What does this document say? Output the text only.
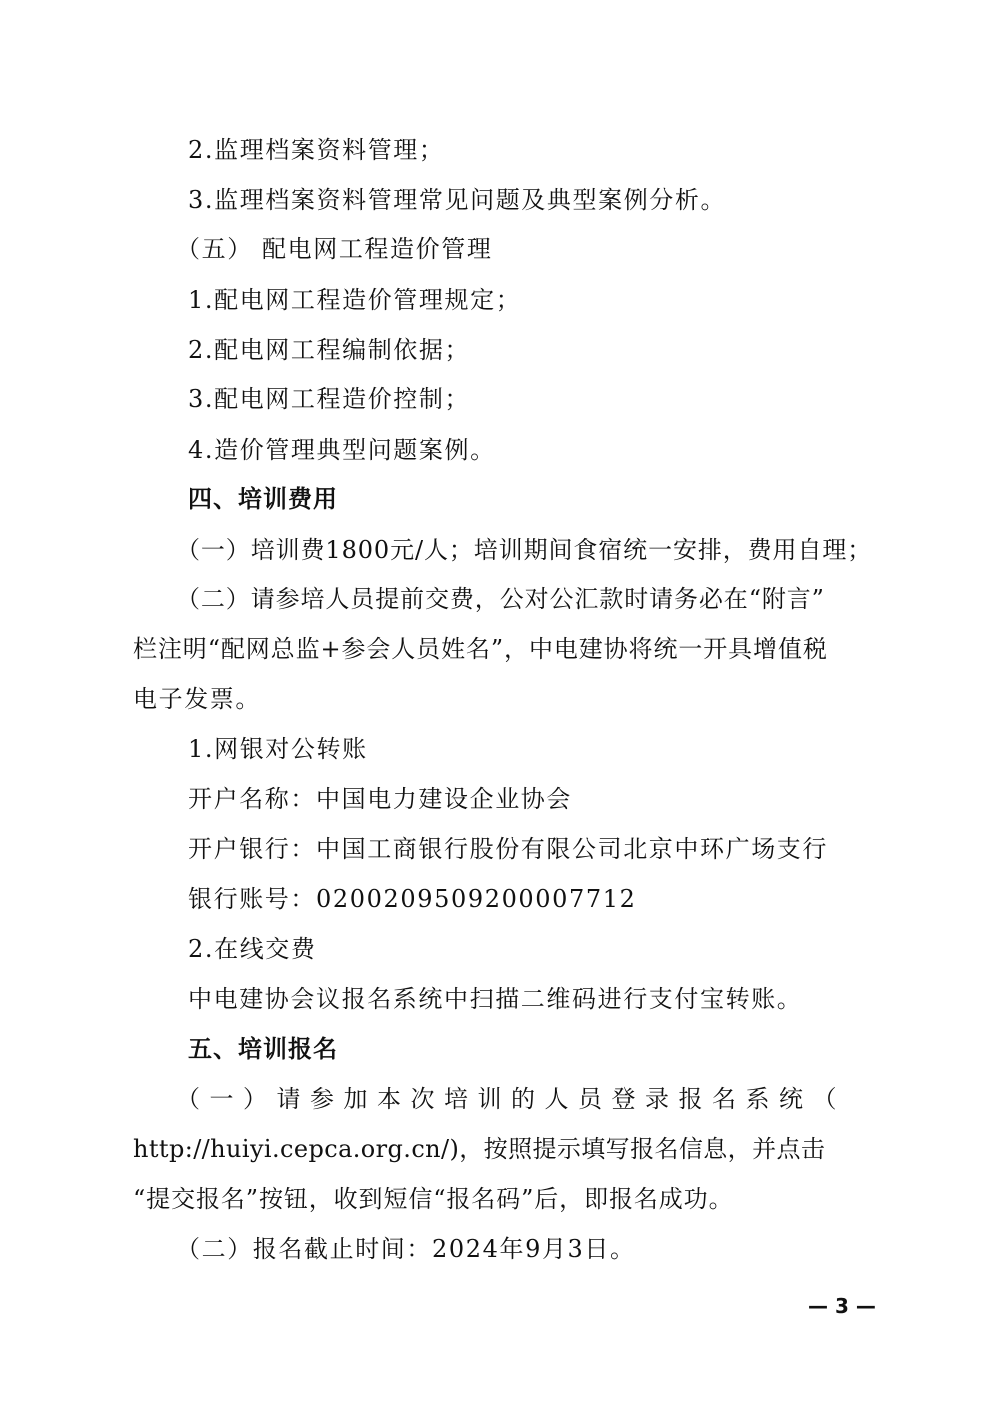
2.监理档案资料管理；
3.监理档案资料管理常见问题及典型案例分析。
（五） 配电网工程造价管理
1.配电网工程造价管理规定；
2.配电网工程编制依据；
3.配电网工程造价控制；
4.造价管理典型问题案例。
四、培训费用
（一）培训费1800元/人；培训期间食宿统一安排，费用自理；
（二）请参培人员提前交费，公对公汇款时请务必在“附言”
栏注明“配网总监+参会人员姓名”，中电建协将统一开具增值税
电子发票。
1.网银对公转账
开户名称：中国电力建设企业协会
开户银行：中国工商银行股份有限公司北京中环广场支行
银行账号：0200209509200007712
2.在线交费
中电建协会议报名系统中扫描二维码进行支付宝转账。
五、培训报名
（一）请参加本次培训的人员登录报名系统（
http://huiyi.cepca.org.cn/)，按照提示填写报名信息，并点击
“提交报名”按钮，收到短信“报名码”后，即报名成功。
（二）报名截止时间：2024年9月3日。
— 3 —
